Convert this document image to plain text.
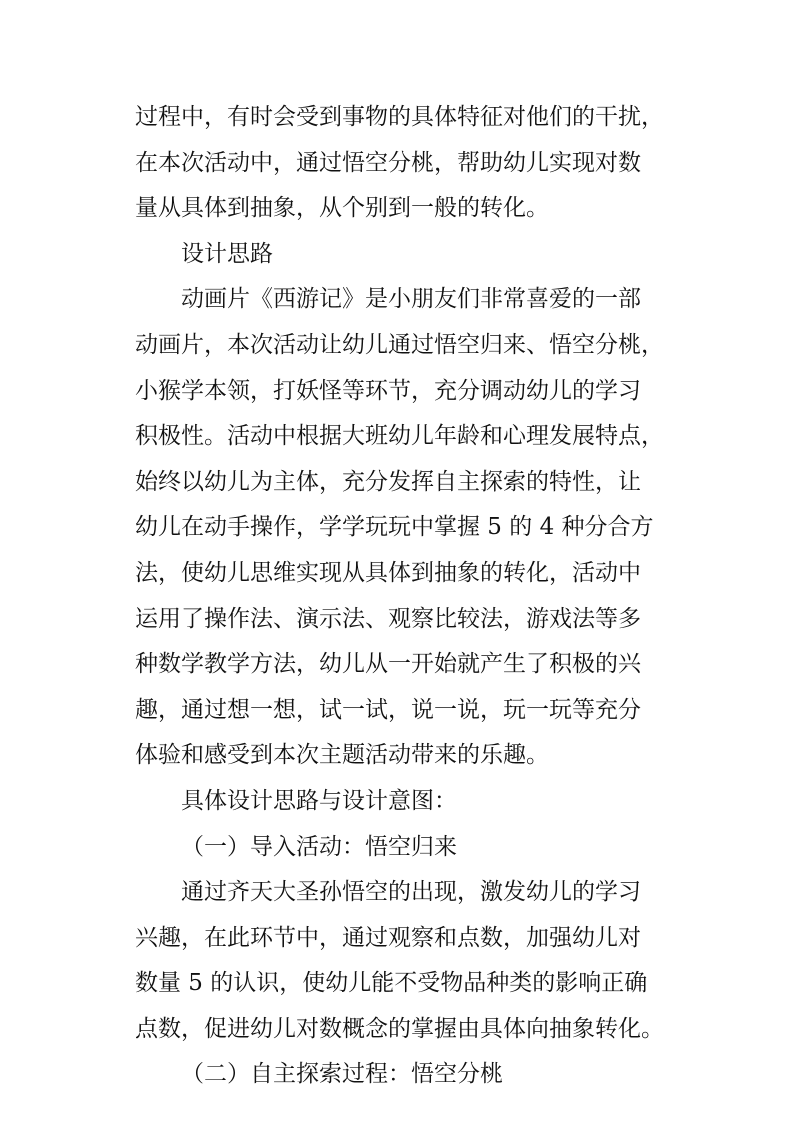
过程中，有时会受到事物的具体特征对他们的干扰，
在本次活动中，通过悟空分桃，帮助幼儿实现对数
量从具体到抽象，从个别到一般的转化。
设计思路
动画片《西游记》是小朋友们非常喜爱的一部
动画片，本次活动让幼儿通过悟空归来、悟空分桃，
小猴学本领，打妖怪等环节，充分调动幼儿的学习
积极性。活动中根据大班幼儿年龄和心理发展特点，
始终以幼儿为主体，充分发挥自主探索的特性，让
幼儿在动手操作，学学玩玩中掌握 5 的 4 种分合方
法，使幼儿思维实现从具体到抽象的转化，活动中
运用了操作法、演示法、观察比较法，游戏法等多
种数学教学方法，幼儿从一开始就产生了积极的兴
趣，通过想一想，试一试，说一说，玩一玩等充分
体验和感受到本次主题活动带来的乐趣。
具体设计思路与设计意图：
（一）导入活动：悟空归来
通过齐天大圣孙悟空的出现，激发幼儿的学习
兴趣，在此环节中，通过观察和点数，加强幼儿对
数量 5 的认识，使幼儿能不受物品种类的影响正确
点数，促进幼儿对数概念的掌握由具体向抽象转化。
（二）自主探索过程：悟空分桃
